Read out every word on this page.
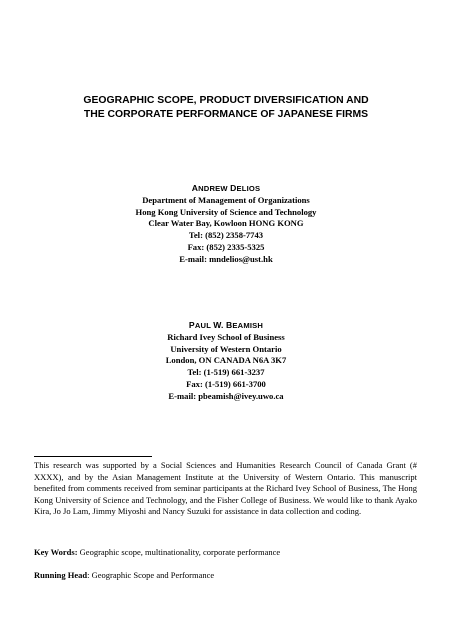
GEOGRAPHIC SCOPE, PRODUCT DIVERSIFICATION AND
THE CORPORATE PERFORMANCE OF JAPANESE FIRMS
ANDREW DELIOS
Department of Management of Organizations
Hong Kong University of Science and Technology
Clear Water Bay, Kowloon HONG KONG
Tel: (852) 2358-7743
Fax: (852) 2335-5325
E-mail: mndelios@ust.hk
PAUL W. BEAMISH
Richard Ivey School of Business
University of Western Ontario
London, ON CANADA N6A 3K7
Tel: (1-519) 661-3237
Fax: (1-519) 661-3700
E-mail: pbeamish@ivey.uwo.ca
This research was supported by a Social Sciences and Humanities Research Council of Canada Grant (# XXXX), and by the Asian Management Institute at the University of Western Ontario. This manuscript benefited from comments received from seminar participants at the Richard Ivey School of Business, The Hong Kong University of Science and Technology, and the Fisher College of Business. We would like to thank Ayako Kira, Jo Jo Lam, Jimmy Miyoshi and Nancy Suzuki for assistance in data collection and coding.
Key Words: Geographic scope, multinationality, corporate performance
Running Head: Geographic Scope and Performance
